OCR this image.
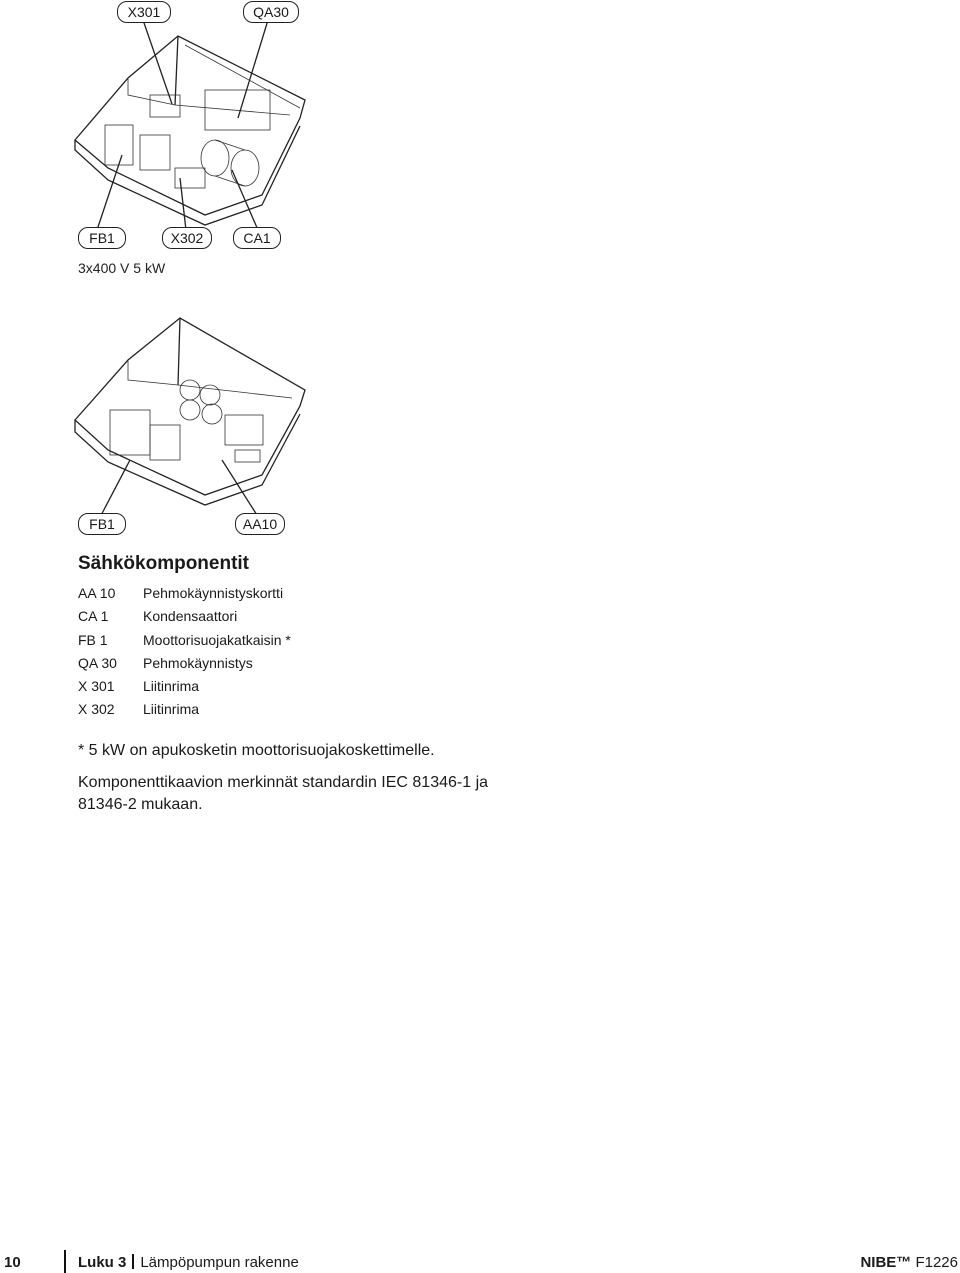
X301	QA30
FB1	X302	CA1
3x400 V 5 kW
FB1	AA10
Sähkökomponentit
AA 10	Pehmokäynnistyskortti
CA 1	Kondensaattori
FB 1	Moottorisuojakatkaisin *
QA 30	Pehmokäynnistys
X 301	Liitinrima
X 302	Liitinrima

* 5 kW on apukosketin moottorisuojakoskettimelle.

Komponenttikaavion merkinnät standardin IEC 81346-1 ja 81346-2 mukaan.

10	Luku 3 Lämpöpumpun rakenne	NIBE™ F1226
